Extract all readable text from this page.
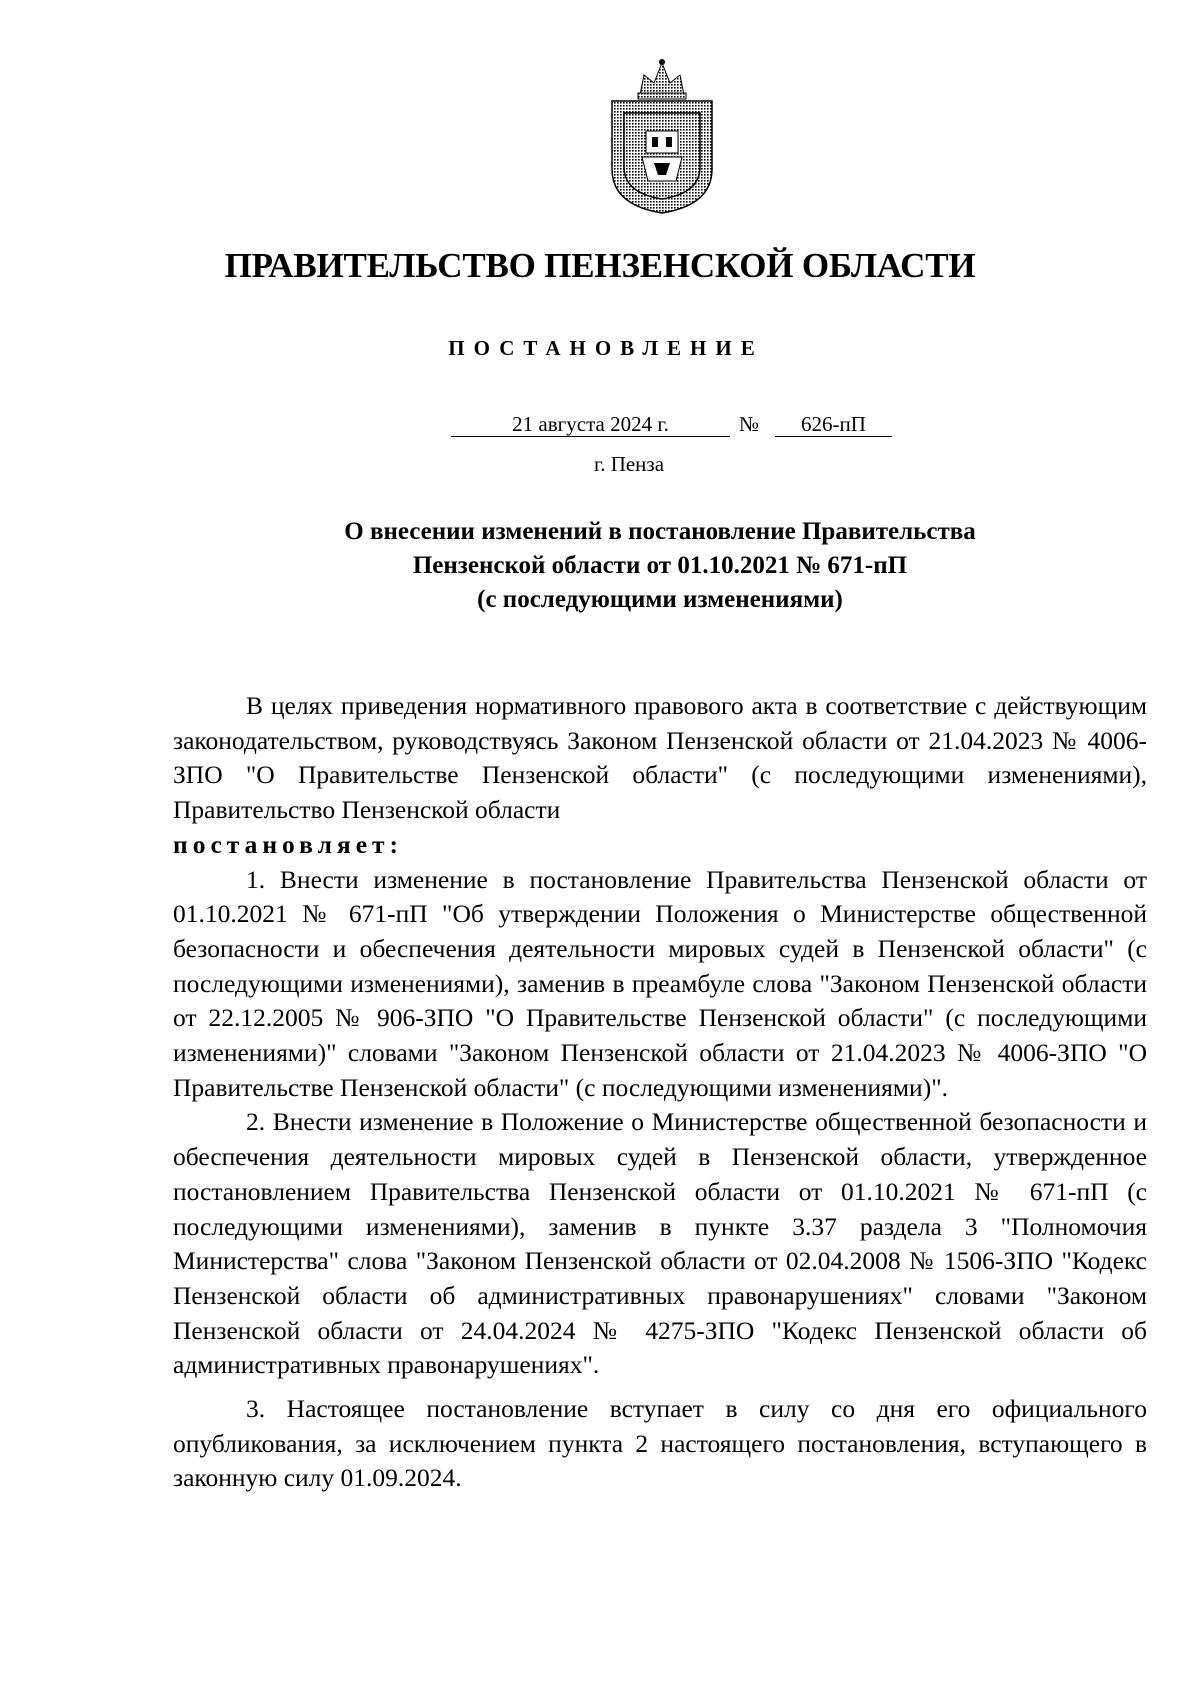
ПРАВИТЕЛЬСТВО ПЕНЗЕНСКОЙ ОБЛАСТИ
ПОСТАНОВЛЕНИЕ
21 августа 2024 г.	№	626-пП
г. Пенза
О внесении изменений в постановление Правительства
Пензенской области от 01.10.2021 № 671-пП
(с последующими изменениями)

В целях приведения нормативного правового акта в соответствие с действующим законодательством, руководствуясь Законом Пензенской области от 21.04.2023 № 4006-ЗПО "О Правительстве Пензенской области" (с последующими изменениями), Правительство Пензенской области

постановляет:

1. Внести изменение в постановление Правительства Пензенской области от 01.10.2021 № 671-пП "Об утверждении Положения о Министерстве общественной безопасности и обеспечения деятельности мировых судей в Пензенской области" (с последующими изменениями), заменив в преамбуле слова "Законом Пензенской области от 22.12.2005 № 906-ЗПО "О Правительстве Пензенской области" (с последующими изменениями)" словами "Законом Пензенской области от 21.04.2023 № 4006-ЗПО "О Правительстве Пензенской области" (с последующими изменениями)".

2. Внести изменение в Положение о Министерстве общественной безопасности и обеспечения деятельности мировых судей в Пензенской области, утвержденное постановлением Правительства Пензенской области от 01.10.2021 № 671-пП (с последующими изменениями), заменив в пункте 3.37 раздела 3 "Полномочия Министерства" слова "Законом Пензенской области от 02.04.2008 № 1506-ЗПО "Кодекс Пензенской области об административных правонарушениях" словами "Законом Пензенской области от 24.04.2024 № 4275-ЗПО "Кодекс Пензенской области об административных правонарушениях".

3. Настоящее постановление вступает в силу со дня его официального опубликования, за исключением пункта 2 настоящего постановления, вступающего в законную силу 01.09.2024.
